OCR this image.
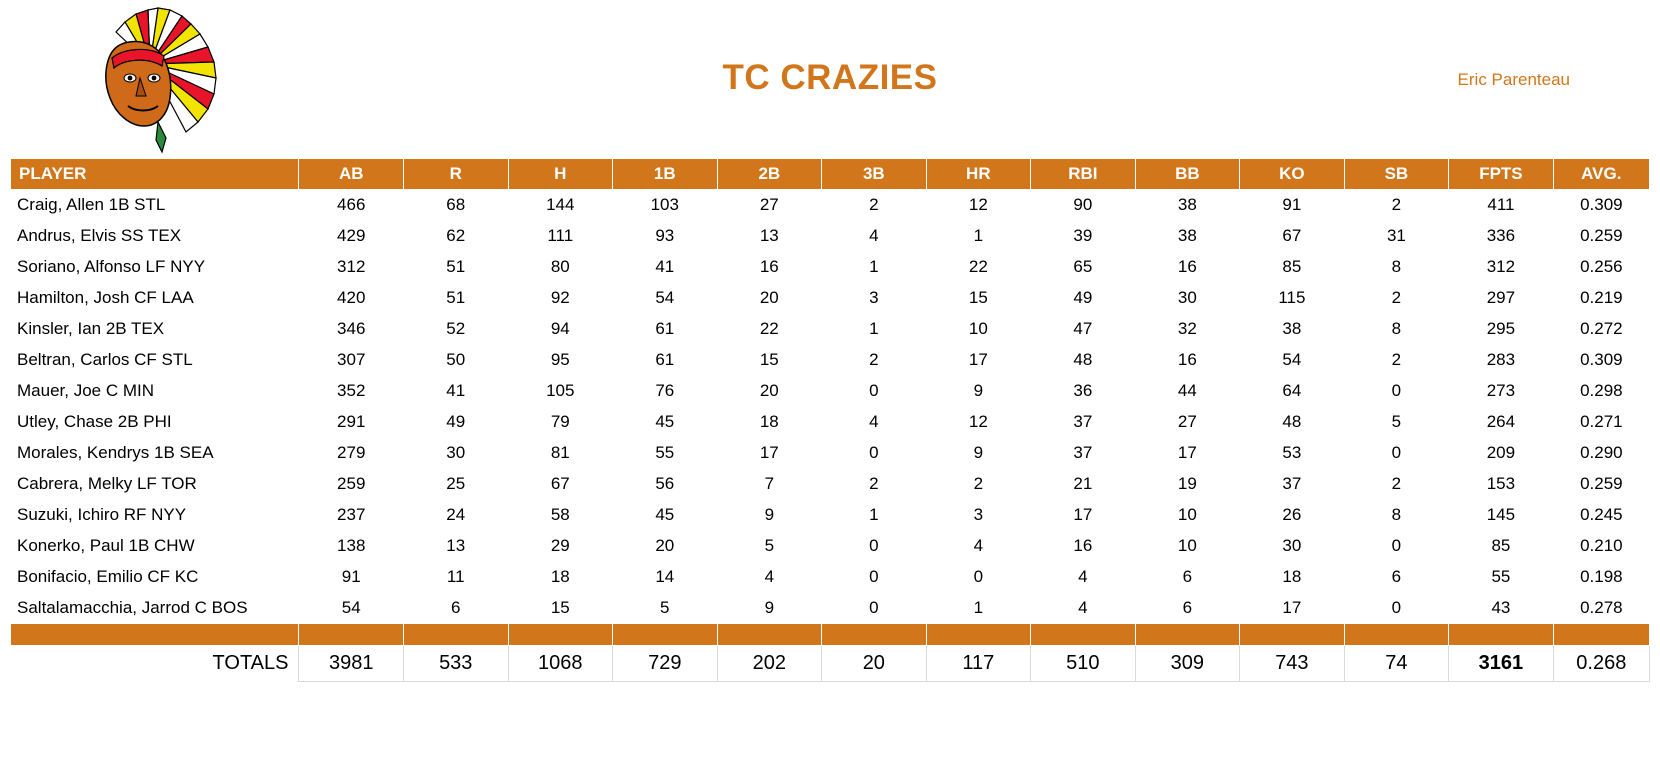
TC CRAZIES	Eric Parenteau
PLAYER	AB	R	H	1B	2B	3B	HR	RBI	BB	KO	SB	FPTS	AVG.
Craig, Allen 1B STL	466	68	144	103	27	2	12	90	38	91	2	411	0.309
Andrus, Elvis SS TEX	429	62	111	93	13	4	1	39	38	67	31	336	0.259
Soriano, Alfonso LF NYY	312	51	80	41	16	1	22	65	16	85	8	312	0.256
Hamilton, Josh CF LAA	420	51	92	54	20	3	15	49	30	115	2	297	0.219
Kinsler, Ian 2B TEX	346	52	94	61	22	1	10	47	32	38	8	295	0.272
Beltran, Carlos CF STL	307	50	95	61	15	2	17	48	16	54	2	283	0.309
Mauer, Joe C MIN	352	41	105	76	20	0	9	36	44	64	0	273	0.298
Utley, Chase 2B PHI	291	49	79	45	18	4	12	37	27	48	5	264	0.271
Morales, Kendrys 1B SEA	279	30	81	55	17	0	9	37	17	53	0	209	0.290
Cabrera, Melky LF TOR	259	25	67	56	7	2	2	21	19	37	2	153	0.259
Suzuki, Ichiro RF NYY	237	24	58	45	9	1	3	17	10	26	8	145	0.245
Konerko, Paul 1B CHW	138	13	29	20	5	0	4	16	10	30	0	85	0.210
Bonifacio, Emilio CF KC	91	11	18	14	4	0	0	4	6	18	6	55	0.198
Saltalamacchia, Jarrod C BOS	54	6	15	5	9	0	1	4	6	17	0	43	0.278

TOTALS	3981	533	1068	729	202	20	117	510	309	743	74	3161	0.268
